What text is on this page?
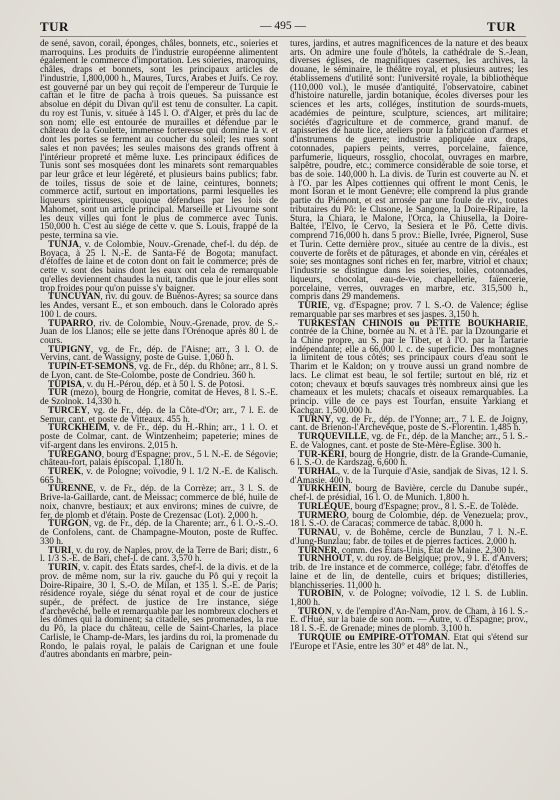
TUR	— 495 —	TUR

de sené, savon, corail, éponges, châles, bonnets, etc., soieries et marroquins. Les produits de l'industrie européenne alimentent également le commerce d'importation. Les soieries, maroquins, châles, draps et bonnets, sont les principaux articles de l'industrie, 1,800,000 h., Maures, Turcs, Arabes et Juifs. Ce roy. est gouverné par un bey qui reçoit de l'empereur de Turquie le caftan et le titre de pacha à trois queues. Sa puissance est absolue en dépit du Divan qu'il est tenu de consulter. La capit. du roy est Tunis, v. située à 145 l. O. d'Alger, et près du lac de son nom; elle est entourée de murailles et défendue par le château de la Goulette, immense forteresse qui domine la v. et dont les portes se ferment au coucher du soleil; les rues sont sales et non pavées; les seules maisons des grands offrent à l'intérieur propreté et même luxe. Les principaux édifices de Tunis sont ses mosquées dont les minarets sont remarquables par leur grâce et leur légèreté, et plusieurs bains publics; fabr. de toiles, tissus de soie et de laine, ceintures, bonnets; commerce actif, surtout en importations, parmi lesquelles les liqueurs spiritueuses, quoique défendues par les lois de Mahomet, sont un article principal. Marseille et Livourne sont les deux villes qui font le plus de commerce avec Tunis. 150,000 h. C'est au siége de cette v. que S. Louis, frappé de la peste, termina sa vie.

TUNJA, v. de Colombie, Nouv.-Grenade, chef-l. du dép. de Boyaca, à 25 l. N.-E. de Santa-Fé de Bogota; manufact. d'étoffes de laine et de coton dont on fait le commerce; près de cette v. sont des bains dont les eaux ont cela de remarquable qu'elles deviennent chaudes la nuit, tandis que le jour elles sont trop froides pour qu'on puisse s'y baigner.

TUNCUYAN, riv. du gouv. de Buénos-Ayres; sa source dans les Andes, versant E., et son embouch. dans le Colorado après 100 l. de cours.

TUPARRO, riv. de Colombie, Nouv.-Grenade, prov. de S.-Juan de los Llanos; elle se jette dans l'Orénoque après 80 l. de cours.

TUPIGNY, vg. de Fr., dép. de l'Aisne; arr., 3 l. O. de Vervins, cant. de Wassigny, poste de Guise. 1,060 h.

TUPIN-ET-SEMONS, vg. de Fr., dép. du Rhône; arr., 8 l. S. de Lyon, cant. de Ste-Colombe, poste de Condrieu. 360 h.

TUPISA, v. du H.-Pérou, dép. et à 50 l. S. de Potosi.

TUR (mezo), bourg de Hongrie, comitat de Heves, 8 l. S.-E. de Szolnok. 14,330 h.

TURCEY, vg. de Fr., dép. de la Côte-d'Or; arr., 7 l. E. de Semur, cant. et poste de Vitteaux. 455 h.

TURCKHEIM, v. de Fr., dép. du H.-Rhin; arr., 1 l. O. et poste de Colmar, cant. de Wintzenheim; papeterie; mines de vif-argent dans les environs. 2,015 h.

TUREGANO, bourg d'Espagne; prov., 5 l. N.-E. de Ségovie; château-fort, palais épiscopal. 1,180 h.

TUREK, v. de Pologne; voïvodie, 9 l. 1/2 N.-E. de Kalisch. 665 h.

TURENNE, v. de Fr., dép. de la Corrèze; arr., 3 l. S. de Brive-la-Gaillarde, cant. de Meissac; commerce de blé, huile de noix, chanvre, bestiaux; et aux environs; mines de cuivre, de fer, de plomb et d'étain. Poste de Crezensac (Lot). 2,000 h.

TURGON, vg. de Fr., dép. de la Charente; arr., 6 l. O.-S.-O. de Confolens, cant. de Champagne-Mouton, poste de Ruffec. 330 h.

TURI, v. du roy. de Naples, prov. de la Terre de Bari; distr., 6 l. 1/3 S.-E. de Bari, chef-l. de cant. 3,570 h.

TURIN, v. capit. des États sardes, chef-l. de la divis. et de la prov. de même nom, sur la riv. gauche du Pô qui y reçoit la Doire-Ripaire, 30 l. S.-O. de Milan, et 135 l. S.-E. de Paris; résidence royale, siége du sénat royal et de cour de justice supér., de préfect. de justice de 1re instance, siége d'archevêché, belle et remarquable par les nombreux clochers et les dômes qui la dominent; sa citadelle, ses promenades, la rue du Pô, la place du château, celle de Saint-Charles, la place Carlisle, le Champ-de-Mars, les jardins du roi, la promenade du Rondo, le palais royal, le palais de Carignan et une foule d'autres abondants en marbre, pein-

tures, jardins, et autres magnificences de la nature et des beaux arts. On admire une foule d'hôtels, la cathédrale de S.-Jean, diverses églises, de magnifiques casernes, les archives, la douane, le séminaire, le théâtre royal, et plusieurs autres; les établissemens d'utilité sont: l'université royale, la bibliothèque (110,000 vol.), le musée d'antiquité, l'observatoire, cabinet d'histoire naturelle, jardin botanique, écoles diverses pour les sciences et les arts, colléges, institution de sourds-muets, académies de peinture, sculpture, sciences, art militaire; sociétés d'agriculture et de commerce, grand manuf. de tapisseries de haute lice, ateliers pour la fabrication d'armes et d'instrumens de guerre; industrie appliquée aux draps, cotonnades, papiers peints, verres, porcelaine, faïence, parfumerie, liqueurs, rossglio, chocolat, ouvrages en marbre, salpêtre, poudre, etc.; commerce considérable de soie torse, et bas de soie. 140,000 h. La divis. de Turin est couverte au N. et à l'O. par les Alpes cottiennes qui offrent le mont Cenis, le mont Isoran et le mont Genèvre; elle comprend la plus grande partie du Piémont, et est arrosée par une foule de riv., toutes tributaires du Pô: le Clusone, le Sangone, la Doire-Ripaire, la Stura, la Chiara, le Malone, l'Orca, la Chiusella, la Doire-Baltée, l'Elvo, le Cervo, la Sesiera et le Pô. Cette divis. comprend 716,000 h. dans 5 prov.: Bielle, Ivrée, Pignerol, Suse et Turin. Cette dernière prov., située au centre de la divis., est couverte de forêts et de pâturages, et abonde en vin, céréales et soie; ses montagnes sont riches en fer, marbre, vitriol et chaux; l'industrie se distingue dans les soieries, toiles, cotonnades, liqueurs, chocolat, eau-de-vie, chapellerie, faïencerie, porcelaine, verres, ouvrages en marbre, etc. 315,500 h., compris dans 29 mandemens.

TURIE, vg. d'Espagne; prov. 7 l. S.-O. de Valence; église remarquable par ses marbres et ses jaspes. 3,150 h.

TURKESTAN CHINOIS ou PETITE BOUKHARIE, contrée de la Chine, bornée au N. et à l'E. par la Dzoungarie et la Chine propre, au S. par le Tibet, et à l'O. par la Tartarie indépendante; elle a 66,000 l. c. de superficie. Des montagnes la limitent de tous côtés; ses principaux cours d'eau sont le Tharim et le Kaldon; on y trouve aussi un grand nombre de lacs. Le climat est beau, le sol fertile; surtout en blé, riz et coton; chevaux et bœufs sauvages très nombreux ainsi que les chameaux et les mulets; chacals et oiseaux remarquables. La princip. ville de ce pays est Tourfan, ensuite Yarkiang et Kachgar. 1,500,000 h.

TURNY, vg. de Fr., dép. de l'Yonne; arr., 7 l. E. de Joigny, cant. de Brienon-l'Archevêque, poste de S.-Florentin. 1,485 h.

TURQUEVILLE, vg. de Fr., dép. de la Manche; arr., 5 l. S.-E. de Valognes, cant. et poste de Ste-Mère-Église. 300 h.

TUR-KERI, bourg de Hongrie, distr. de la Grande-Cumanie, 6 l. S.-O. de Kardszag. 6,600 h.

TURHAL, v. de la Turquie d'Asie, sandjak de Sivas, 12 l. S. d'Amasie. 400 h.

TURKHEIN, bourg de Bavière, cercle du Danube supér., chef-l. de présidial, 16 l. O. de Munich. 1,800 h.

TURLEQUE, bourg d'Espagne; prov., 8 l. S.-E. de Tolède.

TURMERO, bourg de Colombie, dép. de Venezuela; prov., 18 l. S.-O. de Caracas; commerce de tabac. 8,000 h.

TURNAU, v. de Bohême, cercle de Bunzlau, 7 l. N.-E. d'Jung-Bunzlau; fabr. de toiles et de pierres factices. 2,000 h.

TURNER, comm. des États-Unis, État de Maine. 2,300 h.

TURNHOUT, v. du roy. de Belgique; prov., 9 l. E. d'Anvers; trib. de 1re instance et de commerce, collége; fabr. d'étoffes de laine et de lin, de dentelle, cuirs et briques; distilleries, blanchisseries. 11,000 h.

TUROBIN, v. de Pologne; voïvodie, 12 l. S. de Lublin. 1,800 h.

TURON, v. de l'empire d'An-Nam, prov. de Cham, à 16 l. S.-E. d'Hué, sur la baie de son nom. — Autre, v. d'Espagne; prov., 18 l. S.-E. de Grenade; mines de plomb. 3,100 h.

TURQUIE ou EMPIRE-OTTOMAN. Etat qui s'étend sur l'Europe et l'Asie, entre les 30° et 48° de lat. N.,
